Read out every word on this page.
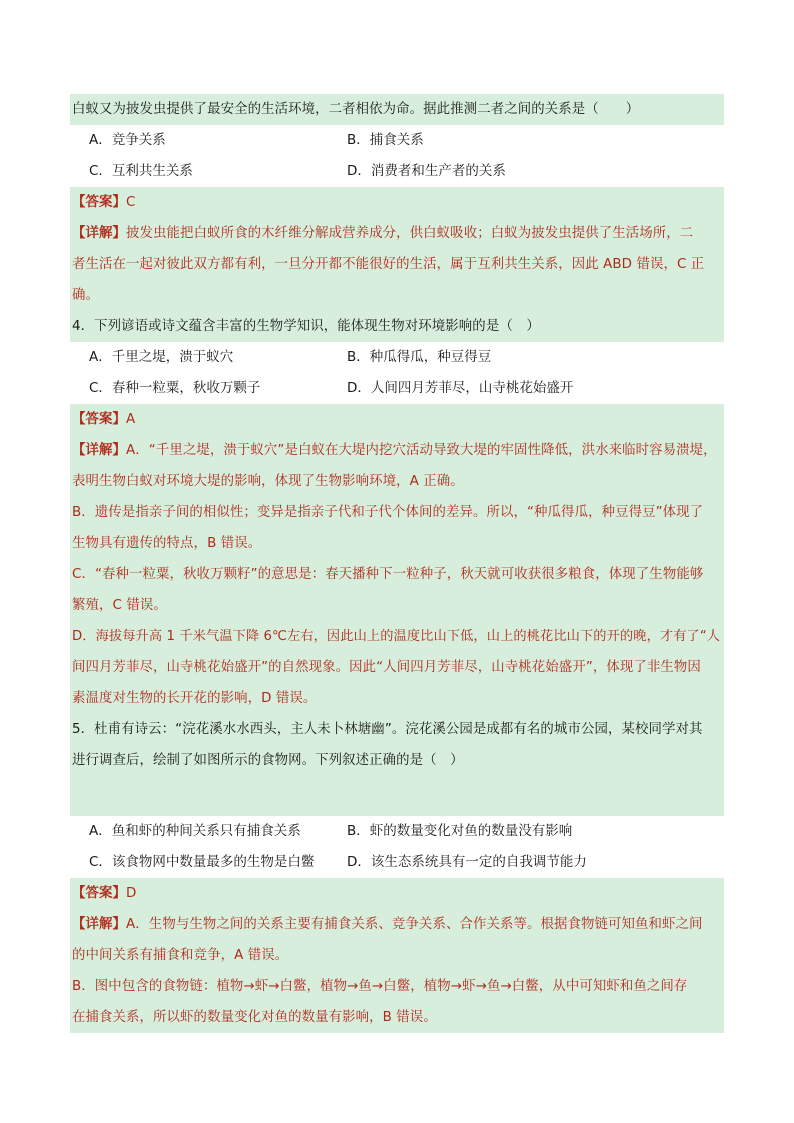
白蚁又为披发虫提供了最安全的生活环境，二者相依为命。据此推测二者之间的关系是（　　）
A．竞争关系	B．捕食关系
C．互利共生关系	D．消费者和生产者的关系
【答案】C
【详解】披发虫能把白蚁所食的木纤维分解成营养成分，供白蚁吸收；白蚁为披发虫提供了生活场所，二
者生活在一起对彼此双方都有利，一旦分开都不能很好的生活，属于互利共生关系，因此 ABD 错误，C 正
确。
4．下列谚语或诗文蕴含丰富的生物学知识，能体现生物对环境影响的是（　）
A．千里之堤，溃于蚁穴	B．种瓜得瓜，种豆得豆
C．春种一粒粟，秋收万颗子	D．人间四月芳菲尽，山寺桃花始盛开
【答案】A
【详解】A．“千里之堤，溃于蚁穴”是白蚁在大堤内挖穴活动导致大堤的牢固性降低，洪水来临时容易溃堤，
表明生物白蚁对环境大堤的影响，体现了生物影响环境，A 正确。
B．遗传是指亲子间的相似性；变异是指亲子代和子代个体间的差异。所以，“种瓜得瓜，种豆得豆”体现了
生物具有遗传的特点，B 错误。
C．“春种一粒粟，秋收万颗籽”的意思是：春天播种下一粒种子，秋天就可收获很多粮食，体现了生物能够
繁殖，C 错误。
D．海拔每升高 1 千米气温下降 6℃左右，因此山上的温度比山下低，山上的桃花比山下的开的晚，才有了“人
间四月芳菲尽，山寺桃花始盛开”的自然现象。因此“人间四月芳菲尽，山寺桃花始盛开”，体现了非生物因
素温度对生物的长开花的影响，D 错误。
5．杜甫有诗云：“浣花溪水水西头，主人未卜林塘幽”。浣花溪公园是成都有名的城市公园，某校同学对其
进行调查后，绘制了如图所示的食物网。下列叙述正确的是（　）
A．鱼和虾的种间关系只有捕食关系	B．虾的数量变化对鱼的数量没有影响
C．该食物网中数量最多的生物是白鳖	D．该生态系统具有一定的自我调节能力
【答案】D
【详解】A．生物与生物之间的关系主要有捕食关系、竞争关系、合作关系等。根据食物链可知鱼和虾之间
的中间关系有捕食和竞争，A 错误。
B．图中包含的食物链：植物→虾→白鳖，植物→鱼→白鳖，植物→虾→鱼→白鳖，从中可知虾和鱼之间存
在捕食关系，所以虾的数量变化对鱼的数量有影响，B 错误。
